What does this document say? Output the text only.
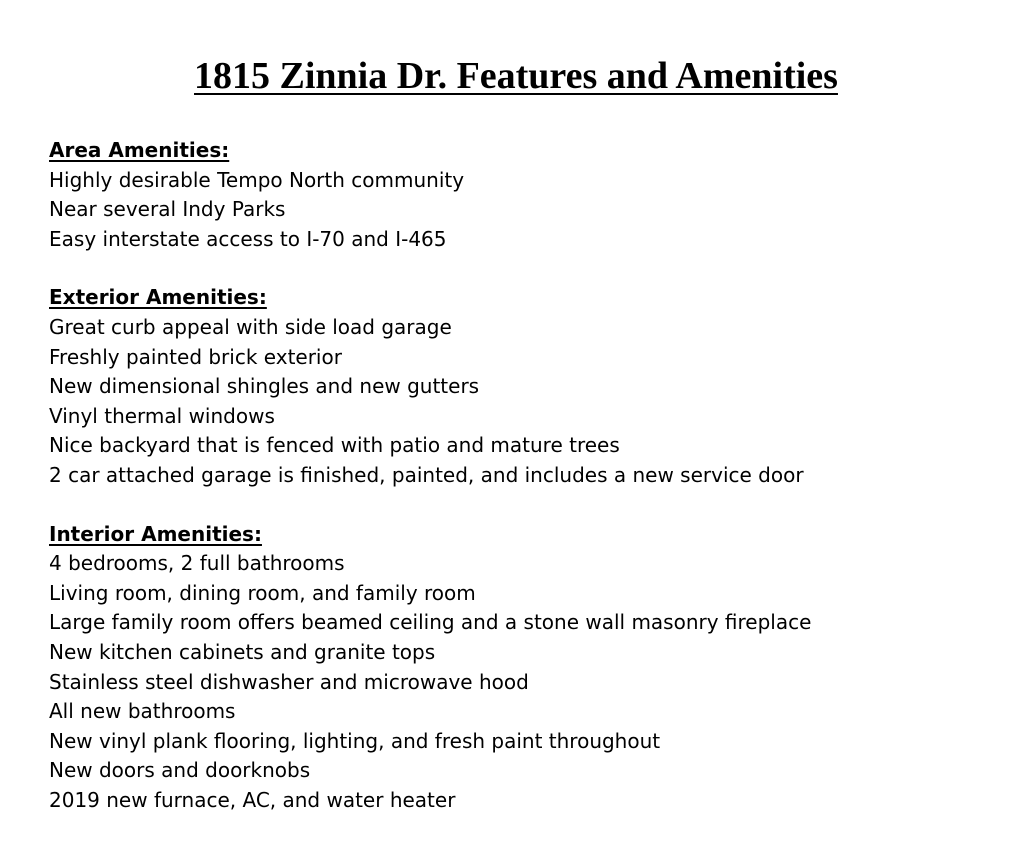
1815 Zinnia Dr. Features and Amenities
Area Amenities:
Highly desirable Tempo North community
Near several Indy Parks
Easy interstate access to I-70 and I-465
Exterior Amenities:
Great curb appeal with side load garage
Freshly painted brick exterior
New dimensional shingles and new gutters
Vinyl thermal windows
Nice backyard that is fenced with patio and mature trees
2 car attached garage is finished, painted, and includes a new service door
Interior Amenities:
4 bedrooms, 2 full bathrooms
Living room, dining room, and family room
Large family room offers beamed ceiling and a stone wall masonry fireplace
New kitchen cabinets and granite tops
Stainless steel dishwasher and microwave hood
All new bathrooms
New vinyl plank flooring, lighting, and fresh paint throughout
New doors and doorknobs
2019 new furnace, AC, and water heater
